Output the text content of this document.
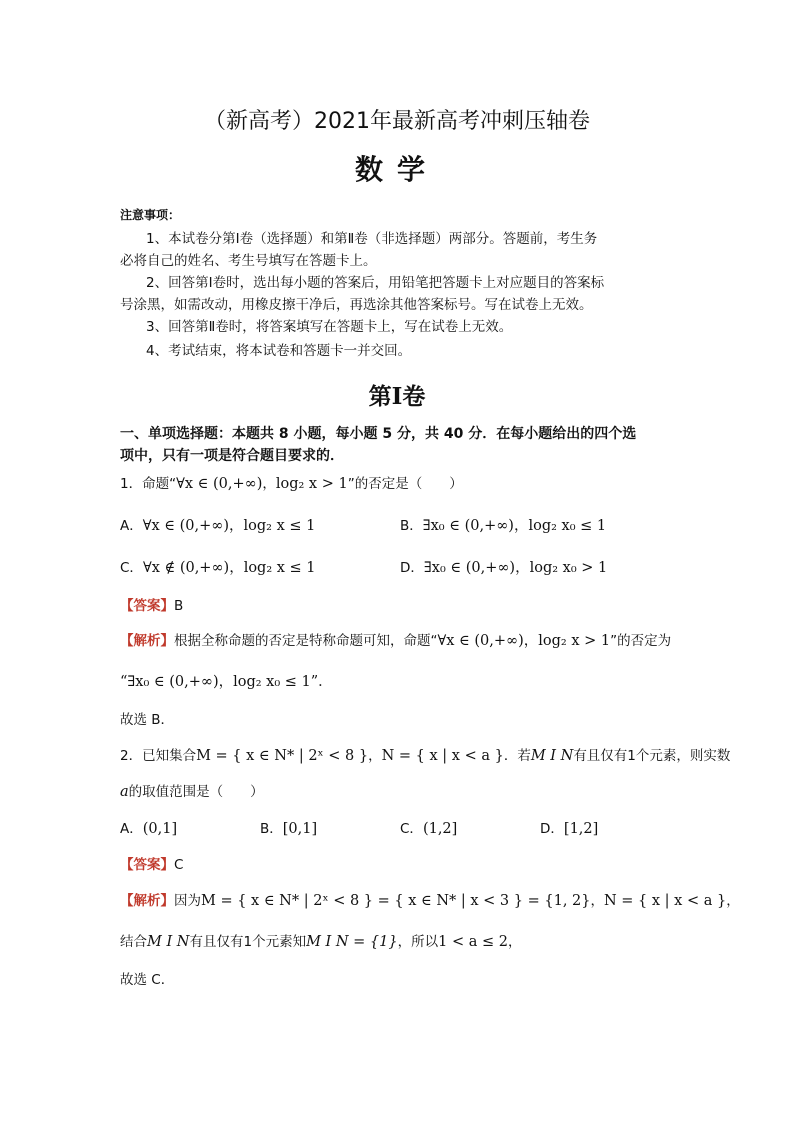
（新高考）2021年最新高考冲刺压轴卷
数学
注意事项：
1、本试卷分第Ⅰ卷（选择题）和第Ⅱ卷（非选择题）两部分。答题前，考生务
必将自己的姓名、考生号填写在答题卡上。
2、回答第Ⅰ卷时，选出每小题的答案后，用铅笔把答题卡上对应题目的答案标
号涂黑，如需改动，用橡皮擦干净后，再选涂其他答案标号。写在试卷上无效。
3、回答第Ⅱ卷时，将答案填写在答题卡上，写在试卷上无效。
4、考试结束，将本试卷和答题卡一并交回。
第Ⅰ卷
一、单项选择题：本题共 8 小题，每小题 5 分，共 40 分．在每小题给出的四个选
项中，只有一项是符合题目要求的．
1．命题“∀x ∈ (0,+∞)，log₂ x > 1”的否定是（　　）
A．∀x ∈ (0,+∞)，log₂ x ≤ 1	B．∃x₀ ∈ (0,+∞)，log₂ x₀ ≤ 1
C．∀x ∉ (0,+∞)，log₂ x ≤ 1	D．∃x₀ ∈ (0,+∞)，log₂ x₀ > 1
【答案】B
【解析】根据全称命题的否定是特称命题可知，命题“∀x ∈ (0,+∞)，log₂ x > 1”的否定为
“∃x₀ ∈ (0,+∞)，log₂ x₀ ≤ 1”．
故选 B．
2．已知集合M = { x ∈ N* | 2ˣ < 8 }，N = { x | x < a }．若M I N有且仅有1个元素，则实数
a的取值范围是（　　）
A．(0,1]	B．[0,1]	C．(1,2]	D．[1,2]
【答案】C
【解析】因为M = { x ∈ N* | 2ˣ < 8 } = { x ∈ N* | x < 3 } = {1, 2}，N = { x | x < a }，
结合M I N有且仅有1个元素知M I N = {1}，所以1 < a ≤ 2，
故选 C．
